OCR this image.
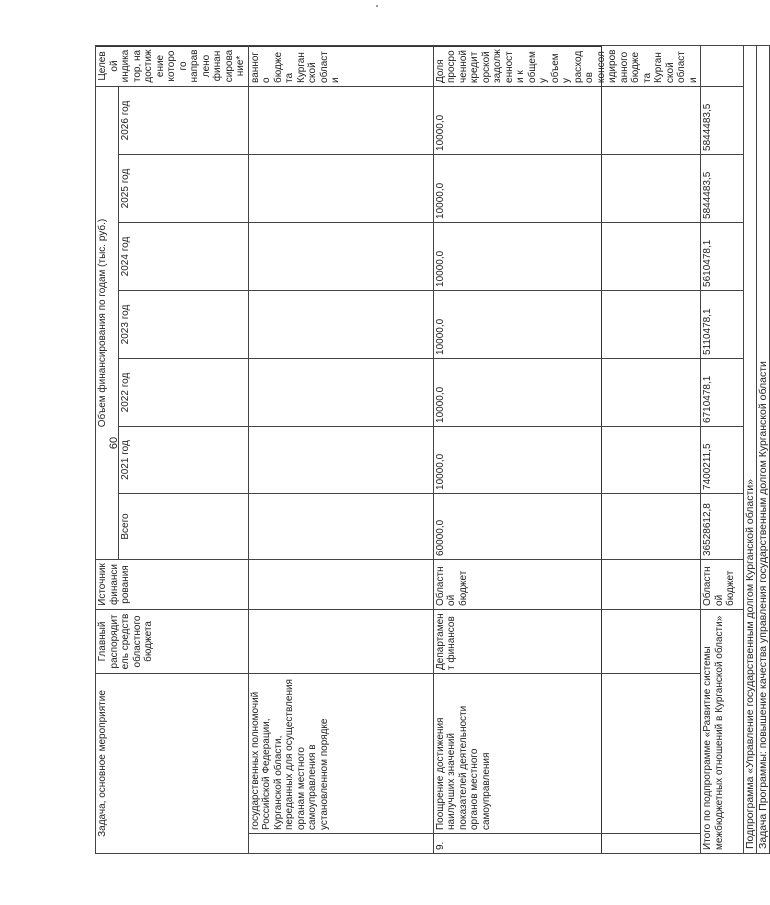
60
Задача, основное мероприятие		Главный распорядитель средств областного бюджета	Источник финансирования	Объем финансирования по годам (тыс. руб.)							Целевой индикатор, на достижение которого направлено финансирование*
				Всего	2021 год	2022 год	2023 год	2024 год	2025 год	2026 год	
	государственных полномочий Российской Федерации, Курганской области, переданных для осуществления органам местного самоуправления в установленном порядке										ванного бюджета Курганской области
9.	Поощрение достижения наилучших значений показателей деятельности органов местного самоуправления	Департамент финансов	Областной бюджет	60000,0	10000,0	10000,0	10000,0	10000,0	10000,0	10000,0	Доля просроченной кредиторской задолженности к общему объему расходов консолидированного бюджета Курганской области
Итого по подпрограмме «Развитие системы межбюджетных отношений в Курганской области»			Областной бюджет	36528612,8	7400211,5	6710478,1	5110478,1	5610478,1	5844483,5	5844483,5	
Подпрограмма «Управление государственным долгом Курганской области»											
Задача Программы: повышение качества управления государственным долгом Курганской области											
